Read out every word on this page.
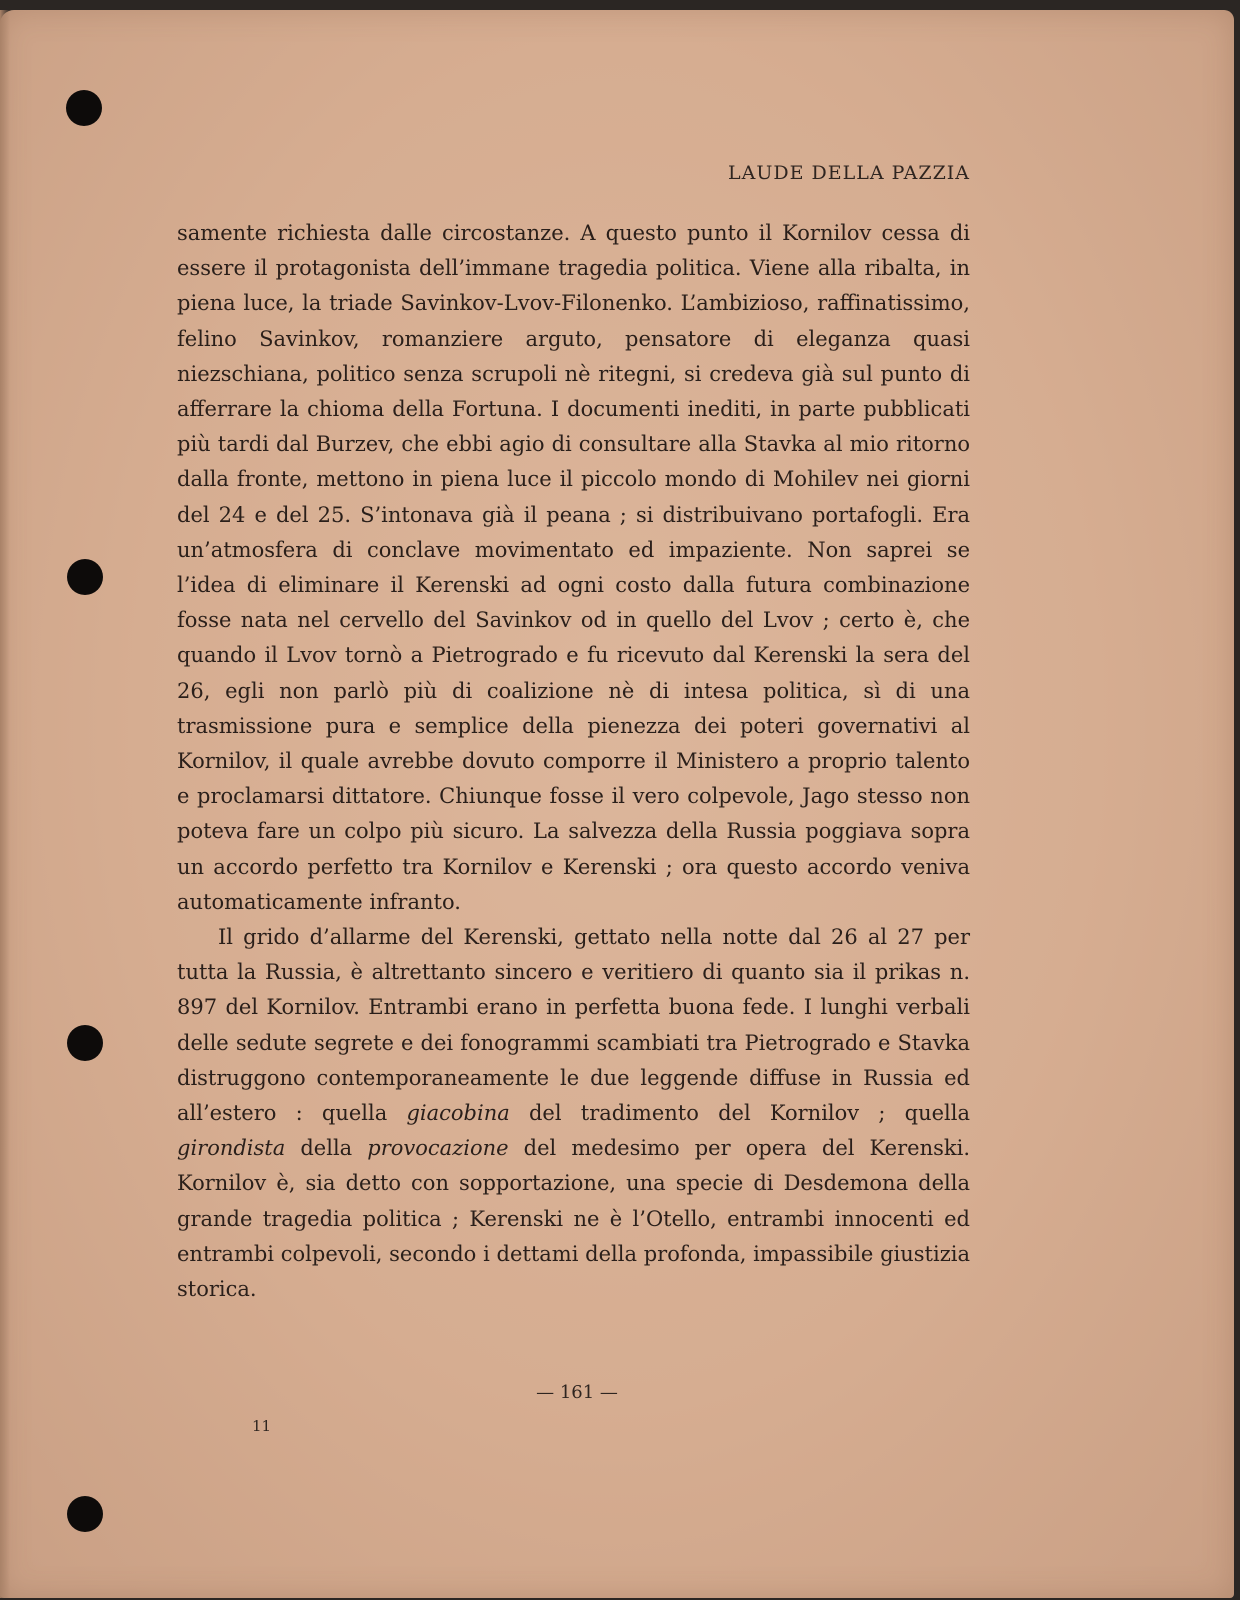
LAUDE DELLA PAZZIA

samente richiesta dalle circostanze. A questo punto il Kornilov cessa di essere il protagonista dell’immane tragedia politica. Viene alla ribalta, in piena luce, la triade Savinkov-Lvov-Filonenko. L’ambizioso, raffinatissimo, felino Savinkov, romanziere arguto, pensatore di eleganza quasi niezschiana, politico senza scrupoli nè ritegni, si credeva già sul punto di afferrare la chioma della Fortuna. I documenti inediti, in parte pubblicati più tardi dal Burzev, che ebbi agio di consultare alla Stavka al mio ritorno dalla fronte, mettono in piena luce il piccolo mondo di Mohilev nei giorni del 24 e del 25. S’intonava già il peana ; si distribuivano portafogli. Era un’atmosfera di conclave movimentato ed impaziente. Non saprei se l’idea di eliminare il Kerenski ad ogni costo dalla futura combinazione fosse nata nel cervello del Savinkov od in quello del Lvov ; certo è, che quando il Lvov tornò a Pietrogrado e fu ricevuto dal Kerenski la sera del 26, egli non parlò più di coalizione nè di intesa politica, sì di una trasmissione pura e semplice della pienezza dei poteri governativi al Kornilov, il quale avrebbe dovuto comporre il Ministero a proprio talento e proclamarsi dittatore. Chiunque fosse il vero colpevole, Jago stesso non poteva fare un colpo più sicuro. La salvezza della Russia poggiava sopra un accordo perfetto tra Kornilov e Kerenski ; ora questo accordo veniva automaticamente infranto.

Il grido d’allarme del Kerenski, gettato nella notte dal 26 al 27 per tutta la Russia, è altrettanto sincero e veritiero di quanto sia il prikas n. 897 del Kornilov. Entrambi erano in perfetta buona fede. I lunghi verbali delle sedute segrete e dei fonogrammi scambiati tra Pietrogrado e Stavka distruggono contemporaneamente le due leggende diffuse in Russia ed all’estero : quella giacobina del tradimento del Kornilov ; quella girondista della provocazione del medesimo per opera del Kerenski. Kornilov è, sia detto con sopportazione, una specie di Desdemona della grande tragedia politica ; Kerenski ne è l’Otello, entrambi innocenti ed entrambi colpevoli, secondo i dettami della profonda, impassibile giustizia storica.

— 161 —
11
